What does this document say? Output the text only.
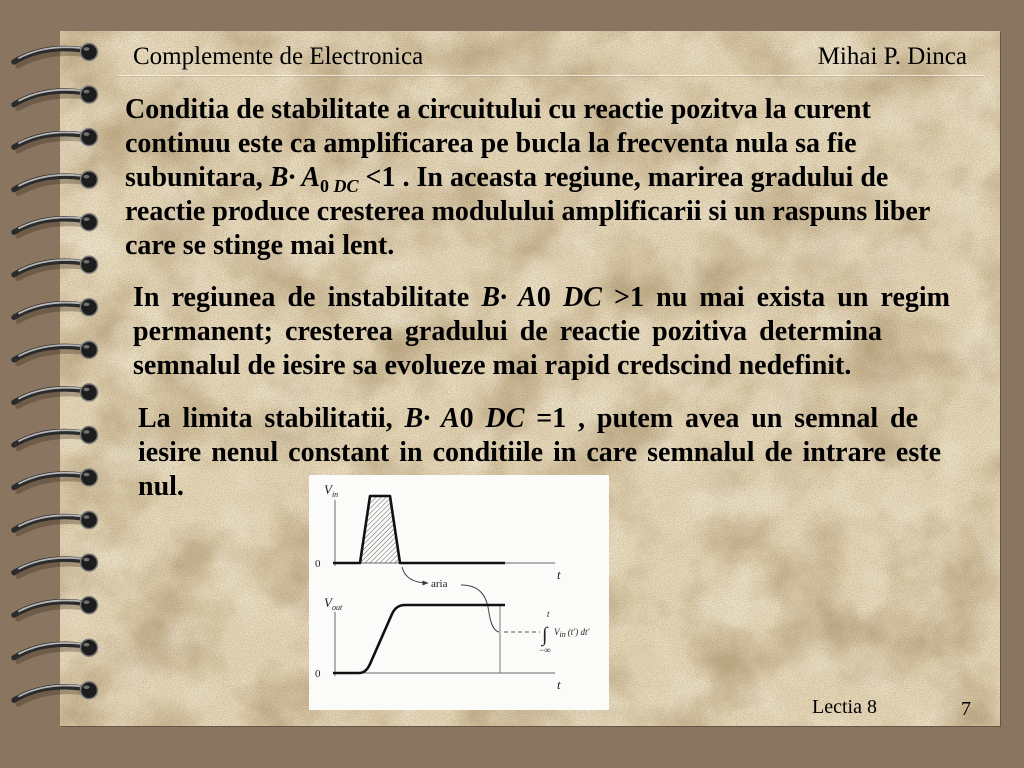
Complemente de Electronica	Mihai P. Dinca
Conditia de stabilitate a circuitului cu reactie pozitva la curent
continuu este ca amplificarea pe bucla la frecventa nula sa fie
subunitara, $B\cdot A_{0 DC} <1$ . In aceasta regiune, marirea gradului de
reactie produce cresterea modulului amplificarii si un raspuns liber
care se stinge mai lent.
In regiunea de instabilitate B· A0 DC >1 nu mai exista un regim
permanent; cresterea gradului de reactie pozitiva determina
semnalul de iesire sa evolueze mai rapid credscind nedefinit.
La limita stabilitatii, B· A0 DC =1 , putem avea un semnal de
iesire nenul constant in conditiile in care semnalul de intrare este
nul.	$V_{in}$
0
t
aria
$V_{out}$
0
t
t
∫ Vin (t′) dt′
−∞
Lectia 8	7
